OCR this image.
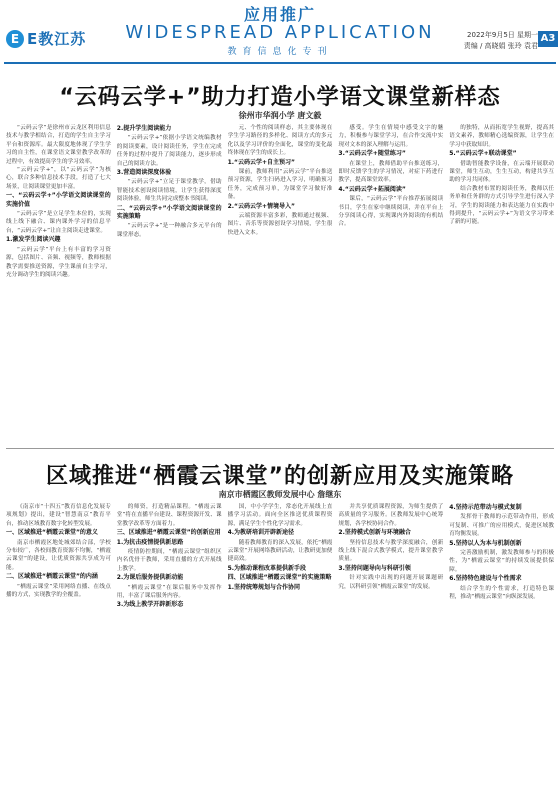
E E教江苏
应用推广
WIDESPREAD APPLICATION
教育信息化专刊
2022年9月5日 星期一
责编 / 高晓娟 张玲 袁君
A3
“云码云学+”助力打造小学语文课堂新样态
徐州市华润小学 唐文毅

“云码云学”是徐州市云龙区利用信息技术与教学相结合，打造的学生自主学习平台和资源库。最大限度地体现了学生学习的自主性，在课堂语文课堂教学改革的过程中，有效提高学生的学习效率。

“云码云学+”，以“云码云学”为核心，联合多种信息技术手段，打造了七大场景，让阅读课堂更加丰富。

一、“云码云学+”小学语文阅读课堂的实施价值

“云码云学”是立足学生本位的，实现线上线下融合、课内课外学习的信息平台，“云码云学+”让自主阅读走进课堂。

1.激发学生阅读兴趣

“云码云学”平台上有丰富的学习资源，包括图片、音频、视频等，教师根据教学需要推送资源，学生课前自主学习，充分调动学生的阅读兴趣。

2.提升学生阅读能力

“云码云学+”依据小学语文统编教材的阅读要素，设计阅读任务，学生在完成任务的过程中提升了阅读能力，逐步形成自己的阅读方法。

3.营造阅读深度体验

“云码云学+”立足于课堂教学，借助智能技术创设阅读情境，让学生获得深度阅读体验，师生共同完成整本书阅读。

二、“云码云学+”小学语文阅读课堂的实施策略

“云码云学+”是一种融合多元平台的课堂形态。

元、个性的阅读样态，其主要体现在学生学习路径的多样化、阅读方式的多元化以及学习评价的全面化，课堂的变化最终体现在学生的成长上。

1.“云码云学+自主预习”

课前，教师利用“云码云学”平台推送预习资源，学生扫码进入学习，明确预习任务，完成预习单，为课堂学习做好准备。

2.“云码云学+情境导入”

云端资源丰富多彩，教师通过视频、图片、音乐等资源创设学习情境，学生很快进入文本。

感受。学生在情境中感受文字的魅力，积极参与课堂学习，在合作交流中实现对文本的深入理解与运用。

3.“云码云学+随堂练习”

在课堂上，教师借助平台推送练习，即时反馈学生的学习情况，对症下药进行教学，提高课堂效率。

4.“云码云学+拓展阅读”

课后，“云码云学”平台推荐拓展阅读书目，学生在家中继续阅读，并在平台上分享阅读心得，实现课内外阅读的有机结合。

的独特，从而拓宽学生视野，提高其语文素养，教师精心选编资源，让学生在学习中获取知识。

5.“云码云学+联动课堂”

借助智能教学设备，在云端开展联动课堂，师生互动，生生互动，构建共享互助的学习共同体。

结合教材布置的阅读任务，教师以任务单和任务群的方式引导学生进行深入学习，学生的阅读能力和表达能力在实践中得到提升，“云码云学+”为语文学习带来了新的可能。

区域推进“栖霞云课堂”的创新应用及实施策略
南京市栖霞区教师发展中心 詹继东

《南京市“十四五”教育信息化发展专项规划》提出，建设“智慧南京”教育平台，推动区域教育数字化转型发展。

一、区域推进“栖霞云课堂”的意义

南京市栖霞区地处城郊结合部，学校分布较广，各校间教育资源不均衡，“栖霞云课堂”的建设，让优质资源共享成为可能。

二、区域推进“栖霞云课堂”的内涵

“栖霞云课堂”采用网络直播、在线点播的方式，实现教学的全覆盖。

的师资，打造精品课程。“栖霞云课堂”将在直播平台建设、课程资源开发、课堂教学改革等方面着力。

三、区域推进“栖霞云课堂”的创新应用
1.为抗击疫情提供新思路

疫情防控期间，“栖霞云课堂”组织区内名优骨干教师，采用直播的方式开展线上教学。

2.为课后服务提供新动能

“栖霞云课堂”在课后服务中发挥作用，丰富了课后服务内容。

3.为线上教学开辟新形态

国，中小学学生，常态化开展线上直播学习活动。面向全区推送优质课程资源，满足学生个性化学习需求。

4.为教研培训开辟新途径

随着教师教育的深入发展，依托“栖霞云课堂”开展网络教研活动，让教研更加便捷高效。

5.为推动课程改革提供新手段
四、区域推进“栖霞云课堂”的实施策略
1.坚持统筹规划与合作协同

并共享优质课程资源，为师生提供了高质量的学习服务。区教师发展中心统筹规划，各学校协同合作。

2.坚持模式创新与环境融合

坚持信息技术与教学深度融合，创新线上线下混合式教学模式，提升课堂教学质量。

3.坚持问题导向与科研引领

针对实践中出现的问题开展课题研究，以科研引领“栖霞云课堂”的发展。

4.坚持示范带动与模式复制

发挥骨干教师的示范带动作用，形成可复制、可推广的应用模式，促进区域教育均衡发展。

5.坚持以人为本与机制创新

完善激励机制，激发教师参与的积极性，为“栖霞云课堂”的持续发展提供保障。

6.坚持特色建设与个性需求

结合学生的个性需求，打造特色课程，推动“栖霞云课堂”向纵深发展。
